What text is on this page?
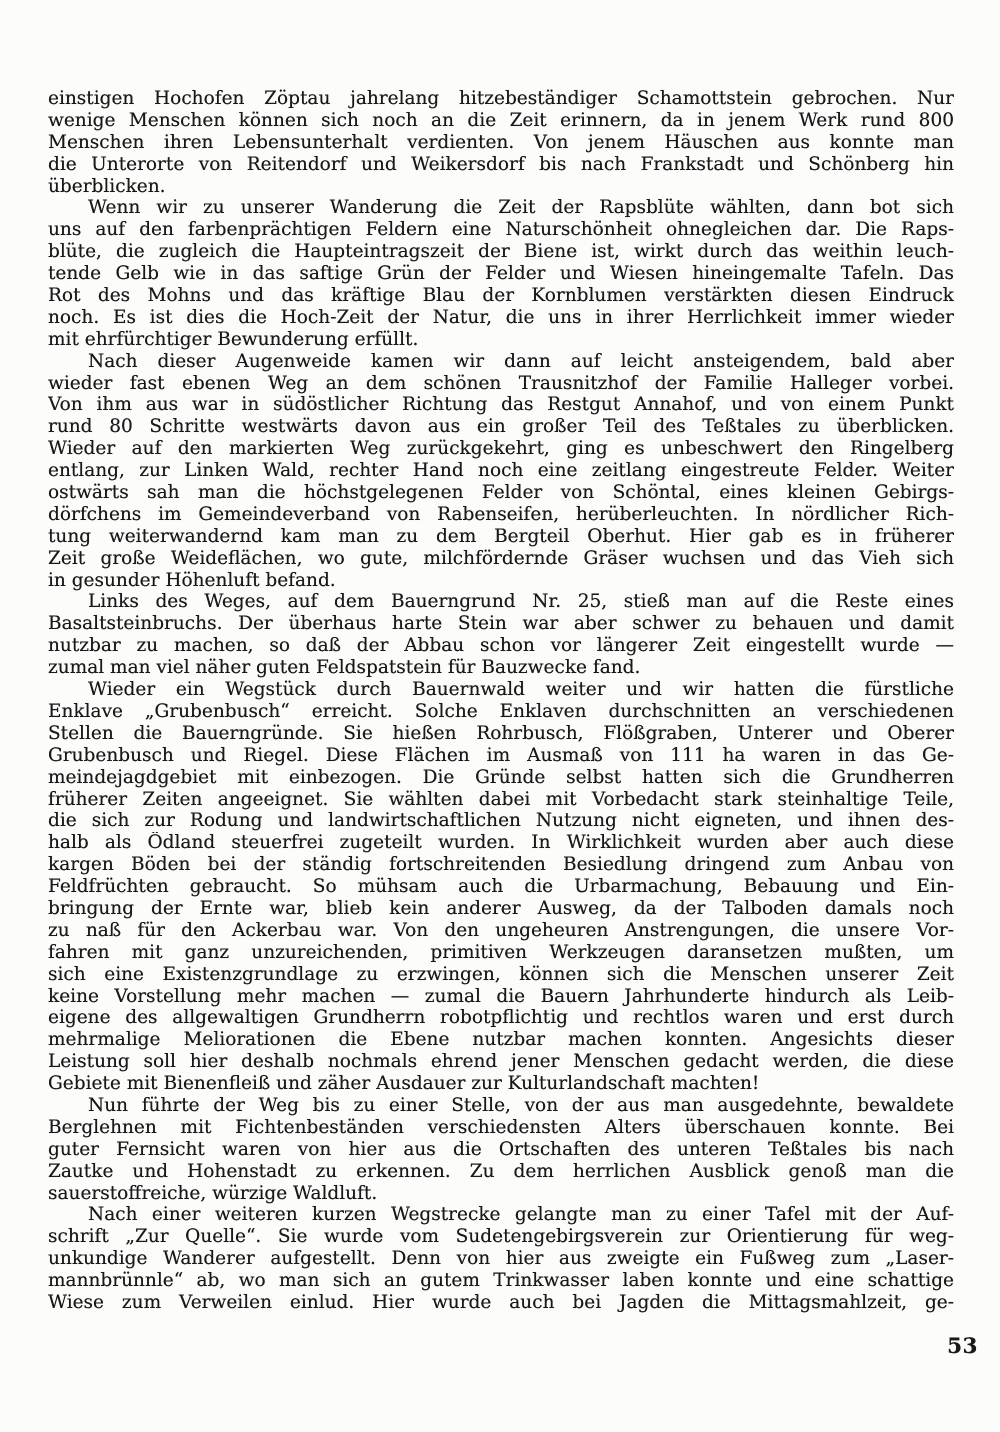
einstigen Hochofen Zöptau jahrelang hitzebeständiger Schamottstein gebrochen. Nur
wenige Menschen können sich noch an die Zeit erinnern, da in jenem Werk rund 800
Menschen ihren Lebensunterhalt verdienten. Von jenem Häuschen aus konnte man
die Unterorte von Reitendorf und Weikersdorf bis nach Frankstadt und Schönberg hin
überblicken.
Wenn wir zu unserer Wanderung die Zeit der Rapsblüte wählten, dann bot sich
uns auf den farbenprächtigen Feldern eine Naturschönheit ohnegleichen dar. Die Raps-
blüte, die zugleich die Haupteintragszeit der Biene ist, wirkt durch das weithin leuch-
tende Gelb wie in das saftige Grün der Felder und Wiesen hineingemalte Tafeln. Das
Rot des Mohns und das kräftige Blau der Kornblumen verstärkten diesen Eindruck
noch. Es ist dies die Hoch-Zeit der Natur, die uns in ihrer Herrlichkeit immer wieder
mit ehrfürchtiger Bewunderung erfüllt.
Nach dieser Augenweide kamen wir dann auf leicht ansteigendem, bald aber
wieder fast ebenen Weg an dem schönen Trausnitzhof der Familie Halleger vorbei.
Von ihm aus war in südöstlicher Richtung das Restgut Annahof, und von einem Punkt
rund 80 Schritte westwärts davon aus ein großer Teil des Teßtales zu überblicken.
Wieder auf den markierten Weg zurückgekehrt, ging es unbeschwert den Ringelberg
entlang, zur Linken Wald, rechter Hand noch eine zeitlang eingestreute Felder. Weiter
ostwärts sah man die höchstgelegenen Felder von Schöntal, eines kleinen Gebirgs-
dörfchens im Gemeindeverband von Rabenseifen, herüberleuchten. In nördlicher Rich-
tung weiterwandernd kam man zu dem Bergteil Oberhut. Hier gab es in früherer
Zeit große Weideflächen, wo gute, milchfördernde Gräser wuchsen und das Vieh sich
in gesunder Höhenluft befand.
Links des Weges, auf dem Bauerngrund Nr. 25, stieß man auf die Reste eines
Basaltsteinbruchs. Der überhaus harte Stein war aber schwer zu behauen und damit
nutzbar zu machen, so daß der Abbau schon vor längerer Zeit eingestellt wurde —
zumal man viel näher guten Feldspatstein für Bauzwecke fand.
Wieder ein Wegstück durch Bauernwald weiter und wir hatten die fürstliche
Enklave „Grubenbusch“ erreicht. Solche Enklaven durchschnitten an verschiedenen
Stellen die Bauerngründe. Sie hießen Rohrbusch, Flößgraben, Unterer und Oberer
Grubenbusch und Riegel. Diese Flächen im Ausmaß von 111 ha waren in das Ge-
meindejagdgebiet mit einbezogen. Die Gründe selbst hatten sich die Grundherren
früherer Zeiten angeeignet. Sie wählten dabei mit Vorbedacht stark steinhaltige Teile,
die sich zur Rodung und landwirtschaftlichen Nutzung nicht eigneten, und ihnen des-
halb als Ödland steuerfrei zugeteilt wurden. In Wirklichkeit wurden aber auch diese
kargen Böden bei der ständig fortschreitenden Besiedlung dringend zum Anbau von
Feldfrüchten gebraucht. So mühsam auch die Urbarmachung, Bebauung und Ein-
bringung der Ernte war, blieb kein anderer Ausweg, da der Talboden damals noch
zu naß für den Ackerbau war. Von den ungeheuren Anstrengungen, die unsere Vor-
fahren mit ganz unzureichenden, primitiven Werkzeugen daransetzen mußten, um
sich eine Existenzgrundlage zu erzwingen, können sich die Menschen unserer Zeit
keine Vorstellung mehr machen — zumal die Bauern Jahrhunderte hindurch als Leib-
eigene des allgewaltigen Grundherrn robotpflichtig und rechtlos waren und erst durch
mehrmalige Meliorationen die Ebene nutzbar machen konnten. Angesichts dieser
Leistung soll hier deshalb nochmals ehrend jener Menschen gedacht werden, die diese
Gebiete mit Bienenfleiß und zäher Ausdauer zur Kulturlandschaft machten!
Nun führte der Weg bis zu einer Stelle, von der aus man ausgedehnte, bewaldete
Berglehnen mit Fichtenbeständen verschiedensten Alters überschauen konnte. Bei
guter Fernsicht waren von hier aus die Ortschaften des unteren Teßtales bis nach
Zautke und Hohenstadt zu erkennen. Zu dem herrlichen Ausblick genoß man die
sauerstoffreiche, würzige Waldluft.
Nach einer weiteren kurzen Wegstrecke gelangte man zu einer Tafel mit der Auf-
schrift „Zur Quelle“. Sie wurde vom Sudetengebirgsverein zur Orientierung für weg-
unkundige Wanderer aufgestellt. Denn von hier aus zweigte ein Fußweg zum „Laser-
mannbrünnle“ ab, wo man sich an gutem Trinkwasser laben konnte und eine schattige
Wiese zum Verweilen einlud. Hier wurde auch bei Jagden die Mittagsmahlzeit, ge-
53
